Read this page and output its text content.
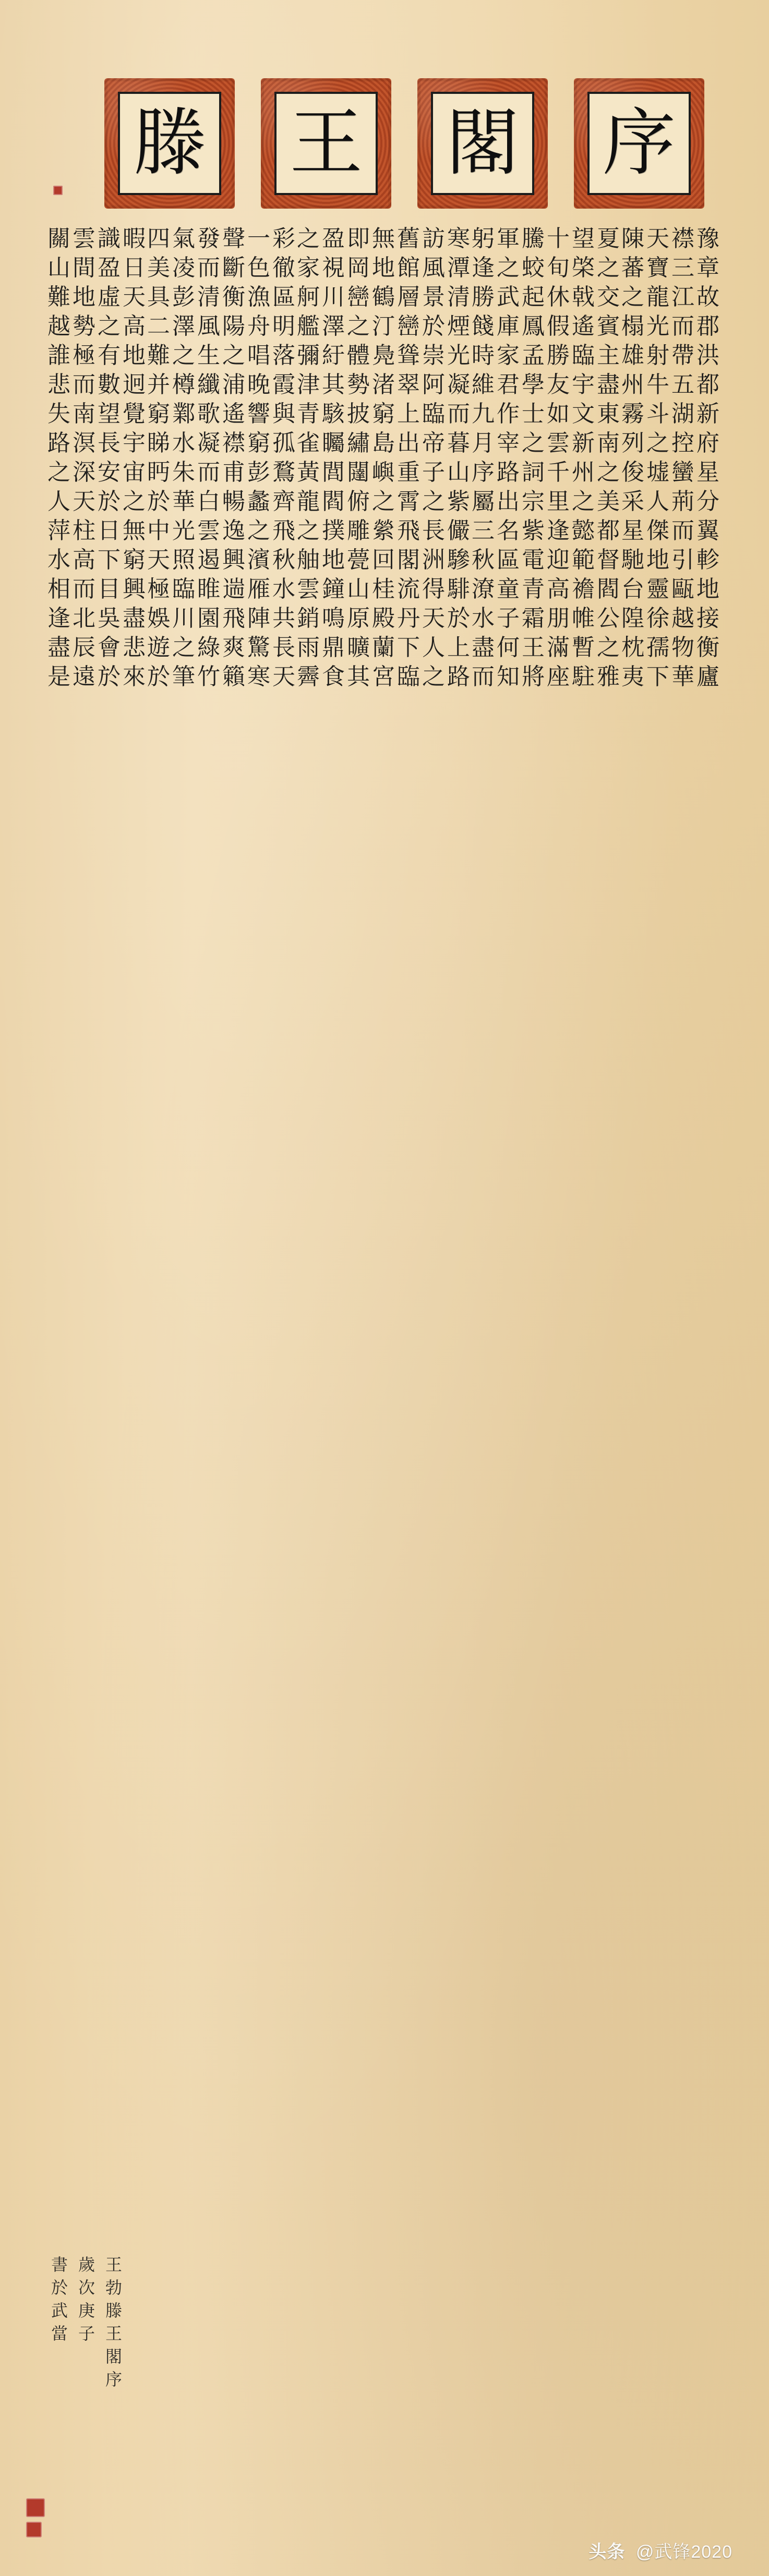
序
閣
王
滕
豫
章
故
郡
洪
都
新
府
星
分
翼
軫
地
接
衡
廬
襟
三
江
而
帶
五
湖
控
蠻
荊
而
引
甌
越
物
華
天
寶
龍
光
射
牛
斗
之
墟
人
傑
地
靈
徐
孺
下
陳
蕃
之
榻
雄
州
霧
列
俊
采
星
馳
台
隍
枕
夷
夏
之
交
賓
主
盡
東
南
之
美
都
督
閻
公
之
雅
望
棨
戟
遙
臨
宇
文
新
州
之
懿
範
襜
帷
暫
駐
十
旬
休
假
勝
友
如
雲
千
里
逢
迎
高
朋
滿
座
騰
蛟
起
鳳
孟
學
士
之
詞
宗
紫
電
青
霜
王
將
軍
之
武
庫
家
君
作
宰
路
出
名
區
童
子
何
知
躬
逢
勝
餞
時
維
九
月
序
屬
三
秋
潦
水
盡
而
寒
潭
清
煙
光
凝
而
暮
山
紫
儼
驂
騑
於
上
路
訪
風
景
於
崇
阿
臨
帝
子
之
長
洲
得
天
人
之
舊
館
層
巒
聳
翠
上
出
重
霄
飛
閣
流
丹
下
臨
無
地
鶴
汀
鳧
渚
窮
島
嶼
之
縈
回
桂
殿
蘭
宮
即
岡
巒
之
體
勢
披
繡
闥
俯
雕
甍
山
原
曠
其
盈
視
川
澤
紆
其
駭
矚
閭
閻
撲
地
鐘
鳴
鼎
食
之
家
舸
艦
彌
津
青
雀
黃
龍
之
舳
雲
銷
雨
霽
彩
徹
區
明
落
霞
與
孤
鶩
齊
飛
秋
水
共
長
天
一
色
漁
舟
唱
晚
響
窮
彭
蠡
之
濱
雁
陣
驚
寒
聲
斷
衡
陽
之
浦
遙
襟
甫
暢
逸
興
遄
飛
爽
籟
發
而
清
風
生
纖
歌
凝
而
白
雲
遏
睢
園
綠
竹
氣
凌
彭
澤
之
樽
鄴
水
朱
華
光
照
臨
川
之
筆
四
美
具
二
難
并
窮
睇
眄
於
中
天
極
娛
遊
於
暇
日
天
高
地
迥
覺
宇
宙
之
無
窮
興
盡
悲
來
識
盈
虛
之
有
數
望
長
安
於
日
下
目
吳
會
於
雲
間
地
勢
極
而
南
溟
深
天
柱
高
而
北
辰
遠
關
山
難
越
誰
悲
失
路
之
人
萍
水
相
逢
盡
是
王
勃
滕
王
閣
序
歲
次
庚
子
書
於
武
當
头条 @武锋2020
